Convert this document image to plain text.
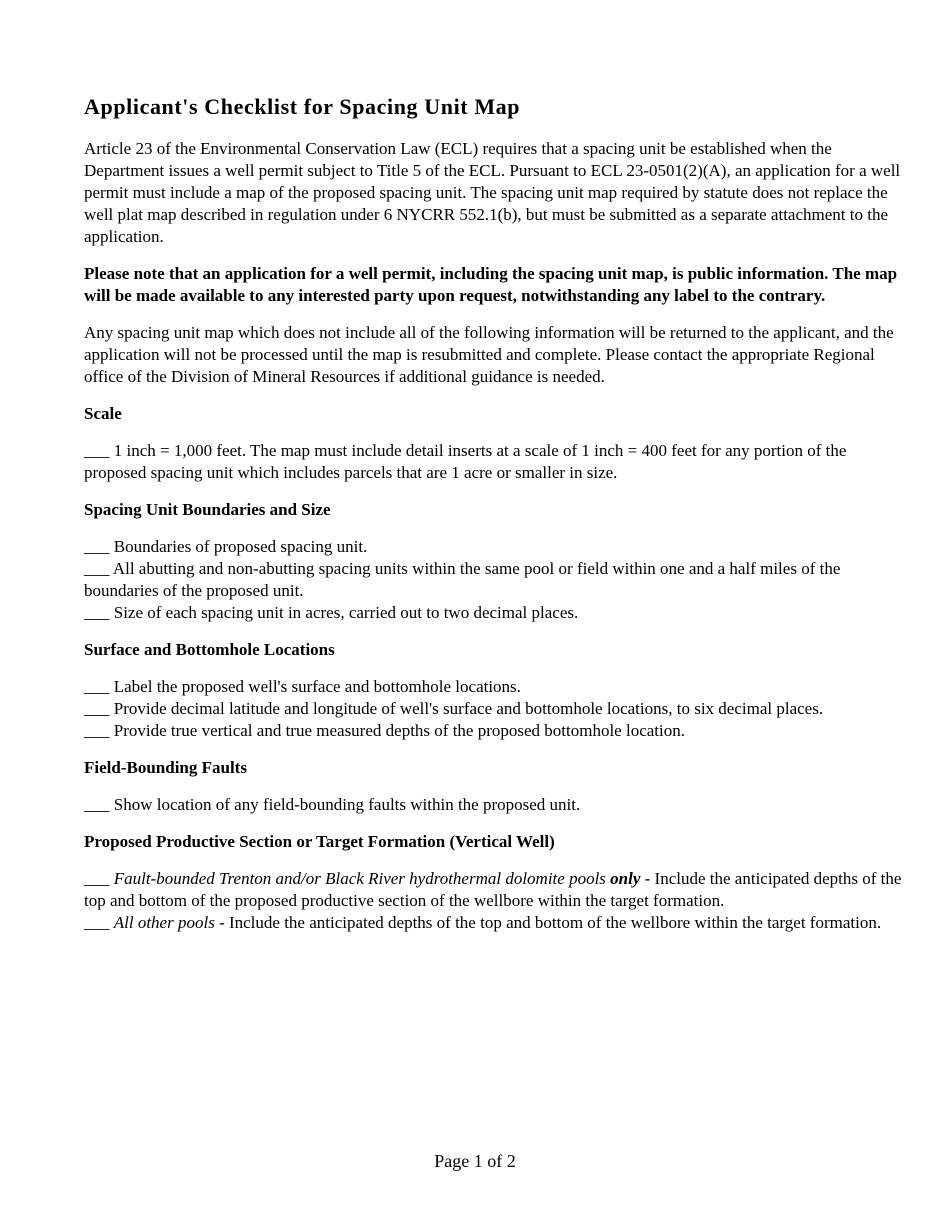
Applicant's Checklist for Spacing Unit Map

Article 23 of the Environmental Conservation Law (ECL) requires that a spacing unit be established when the Department issues a well permit subject to Title 5 of the ECL. Pursuant to ECL 23-0501(2)(A), an application for a well permit must include a map of the proposed spacing unit. The spacing unit map required by statute does not replace the well plat map described in regulation under 6 NYCRR 552.1(b), but must be submitted as a separate attachment to the application.

Please note that an application for a well permit, including the spacing unit map, is public information. The map will be made available to any interested party upon request, notwithstanding any label to the contrary.

Any spacing unit map which does not include all of the following information will be returned to the applicant, and the application will not be processed until the map is resubmitted and complete. Please contact the appropriate Regional office of the Division of Mineral Resources if additional guidance is needed.

Scale
___ 1 inch = 1,000 feet. The map must include detail inserts at a scale of 1 inch = 400 feet for any portion of the proposed spacing unit which includes parcels that are 1 acre or smaller in size.
Spacing Unit Boundaries and Size
___ Boundaries of proposed spacing unit.
___ All abutting and non-abutting spacing units within the same pool or field within one and a half miles of the boundaries of the proposed unit.
___ Size of each spacing unit in acres, carried out to two decimal places.
Surface and Bottomhole Locations
___ Label the proposed well's surface and bottomhole locations.
___ Provide decimal latitude and longitude of well's surface and bottomhole locations, to six decimal places.
___ Provide true vertical and true measured depths of the proposed bottomhole location.
Field-Bounding Faults
___ Show location of any field-bounding faults within the proposed unit.
Proposed Productive Section or Target Formation (Vertical Well)
___ Fault-bounded Trenton and/or Black River hydrothermal dolomite pools only - Include the anticipated depths of the top and bottom of the proposed productive section of the wellbore within the target formation.
___ All other pools - Include the anticipated depths of the top and bottom of the wellbore within the target formation.
Page 1 of 2
